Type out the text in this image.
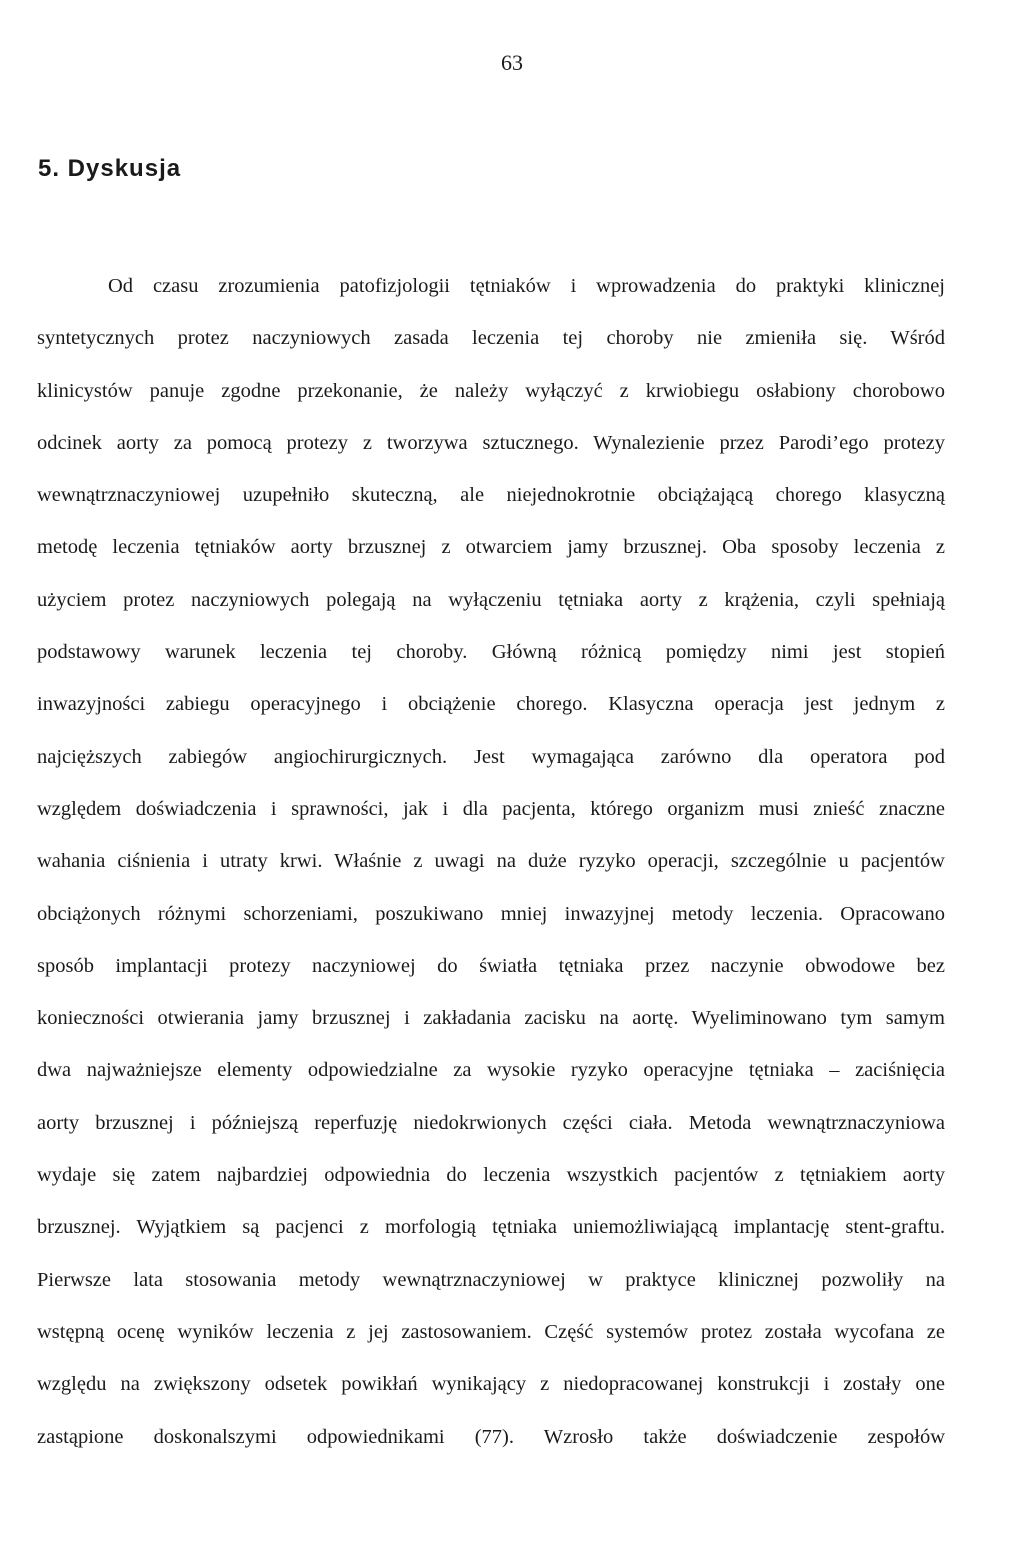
63
5. Dyskusja

Od czasu zrozumienia patofizjologii tętniaków i wprowadzenia do praktyki klinicznej
syntetycznych protez naczyniowych zasada leczenia tej choroby nie zmieniła się. Wśród
klinicystów panuje zgodne przekonanie, że należy wyłączyć z krwiobiegu osłabiony chorobowo
odcinek aorty za pomocą protezy z tworzywa sztucznego. Wynalezienie przez Parodi’ego protezy
wewnątrznaczyniowej uzupełniło skuteczną, ale niejednokrotnie obciążającą chorego klasyczną
metodę leczenia tętniaków aorty brzusznej z otwarciem jamy brzusznej. Oba sposoby leczenia z
użyciem protez naczyniowych polegają na wyłączeniu tętniaka aorty z krążenia, czyli spełniają
podstawowy warunek leczenia tej choroby. Główną różnicą pomiędzy nimi jest stopień
inwazyjności zabiegu operacyjnego i obciążenie chorego. Klasyczna operacja jest jednym z
najcięższych zabiegów angiochirurgicznych. Jest wymagająca zarówno dla operatora pod
względem doświadczenia i sprawności, jak i dla pacjenta, którego organizm musi znieść znaczne
wahania ciśnienia i utraty krwi. Właśnie z uwagi na duże ryzyko operacji, szczególnie u pacjentów
obciążonych różnymi schorzeniami, poszukiwano mniej inwazyjnej metody leczenia. Opracowano
sposób implantacji protezy naczyniowej do światła tętniaka przez naczynie obwodowe bez
konieczności otwierania jamy brzusznej i zakładania zacisku na aortę. Wyeliminowano tym samym
dwa najważniejsze elementy odpowiedzialne za wysokie ryzyko operacyjne tętniaka – zaciśnięcia
aorty brzusznej i późniejszą reperfuzję niedokrwionych części ciała. Metoda wewnątrznaczyniowa
wydaje się zatem najbardziej odpowiednia do leczenia wszystkich pacjentów z tętniakiem aorty
brzusznej. Wyjątkiem są pacjenci z morfologią tętniaka uniemożliwiającą implantację stent-graftu.
Pierwsze lata stosowania metody wewnątrznaczyniowej w praktyce klinicznej pozwoliły na
wstępną ocenę wyników leczenia z jej zastosowaniem. Część systemów protez została wycofana ze
względu na zwiększony odsetek powikłań wynikający z niedopracowanej konstrukcji i zostały one
zastąpione doskonalszymi odpowiednikami (77). Wzrosło także doświadczenie zespołów
